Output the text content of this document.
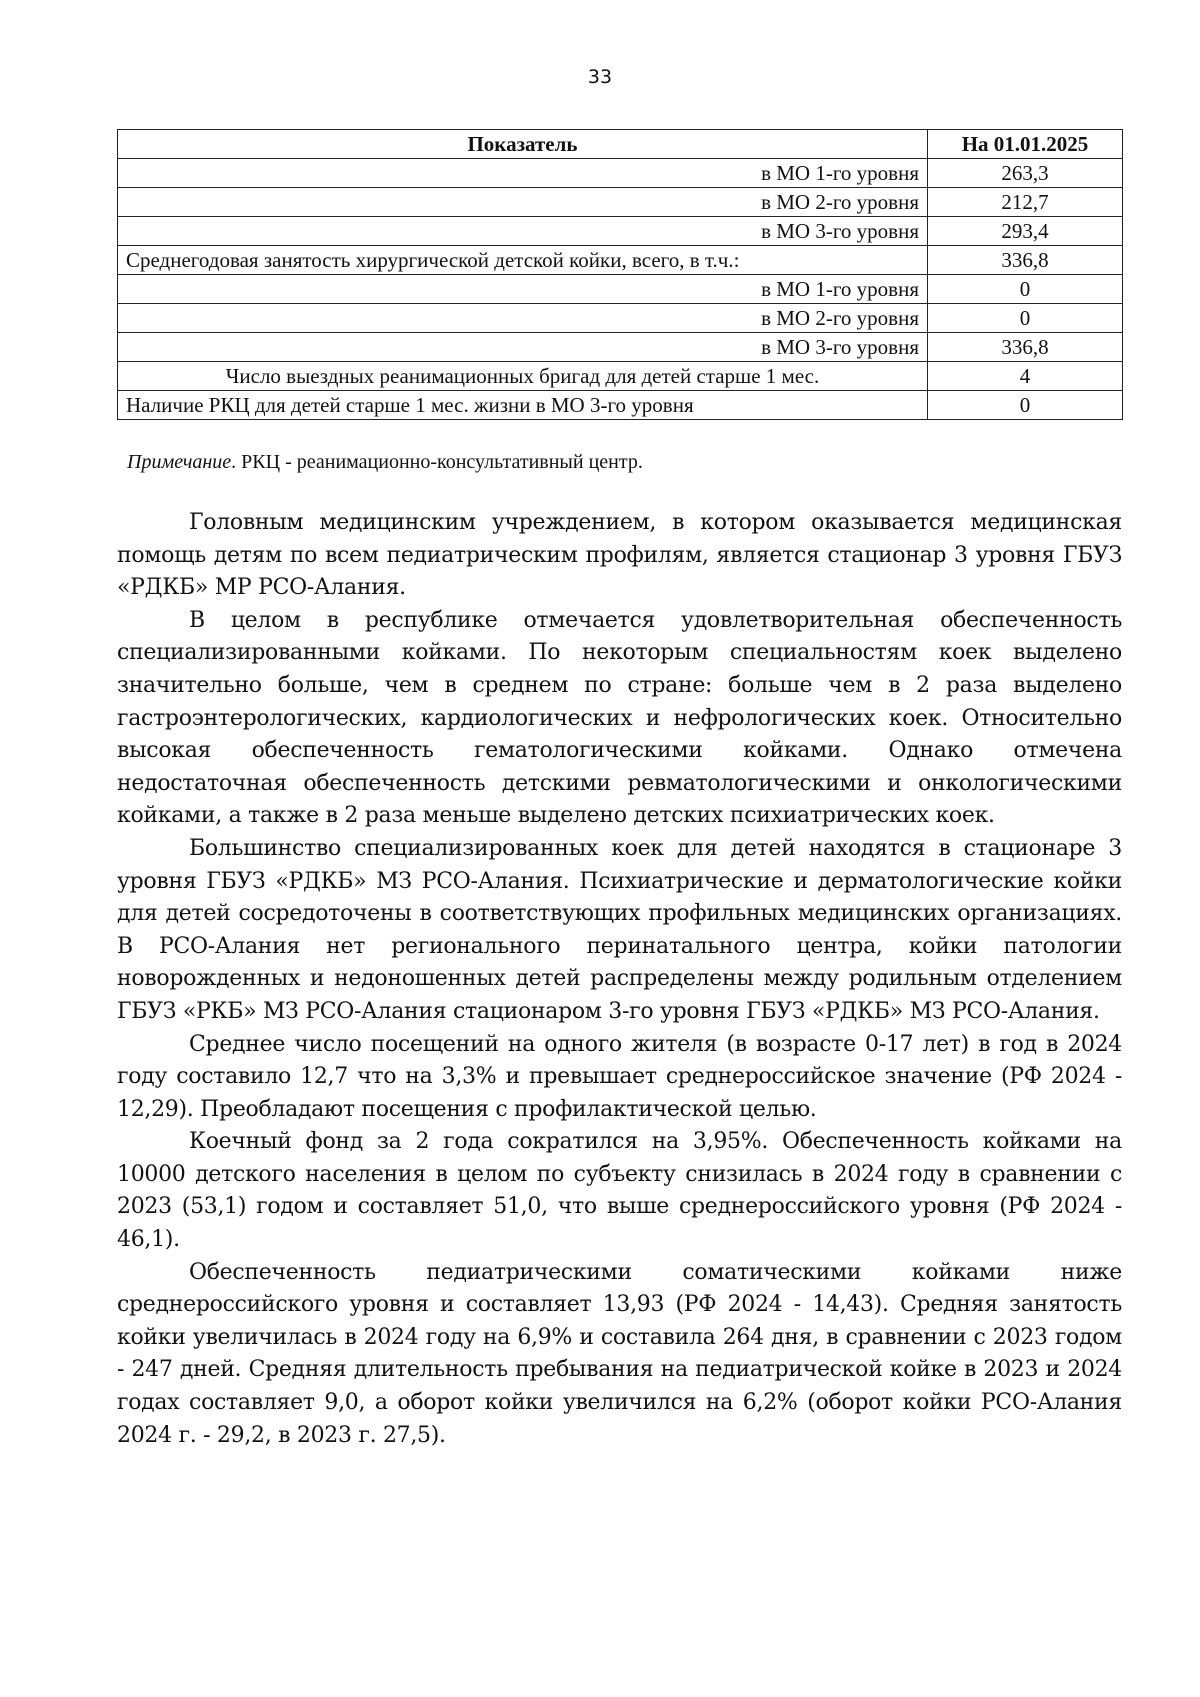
33
Показатель	На 01.01.2025
в МО 1-го уровня	263,3
в МО 2-го уровня	212,7
в МО 3-го уровня	293,4
Среднегодовая занятость хирургической детской койки, всего, в т.ч.:	336,8
в МО 1-го уровня	0
в МО 2-го уровня	0
в МО 3-го уровня	336,8
Число выездных реанимационных бригад для детей старше 1 мес.	4
Наличие РКЦ для детей старше 1 мес. жизни в МО 3-го уровня	0
Примечание. РКЦ - реанимационно-консультативный центр.

Головным медицинским учреждением, в котором оказывается медицинская помощь детям по всем педиатрическим профилям, является стационар 3 уровня ГБУЗ «РДКБ» МР РСО-Алания.

В целом в республике отмечается удовлетворительная обеспеченность специализированными койками. По некоторым специальностям коек выделено значительно больше, чем в среднем по стране: больше чем в 2 раза выделено гастроэнтерологических, кардиологических и нефрологических коек. Относительно высокая обеспеченность гематологическими койками. Однако отмечена недостаточная обеспеченность детскими ревматологическими и онкологическими койками, а также в 2 раза меньше выделено детских психиатрических коек.

Большинство специализированных коек для детей находятся в стационаре 3 уровня ГБУЗ «РДКБ» МЗ РСО-Алания. Психиатрические и дерматологические койки для детей сосредоточены в соответствующих профильных медицинских организациях. В РСО-Алания нет регионального перинатального центра, койки патологии новорожденных и недоношенных детей распределены между родильным отделением ГБУЗ «РКБ» МЗ РСО-Алания стационаром 3-го уровня ГБУЗ «РДКБ» МЗ РСО-Алания.

Среднее число посещений на одного жителя (в возрасте 0-17 лет) в год в 2024 году составило 12,7 что на 3,3% и превышает среднероссийское значение (РФ 2024 - 12,29). Преобладают посещения с профилактической целью.

Коечный фонд за 2 года сократился на 3,95%. Обеспеченность койками на 10000 детского населения в целом по субъекту снизилась в 2024 году в сравнении с 2023 (53,1) годом и составляет 51,0, что выше среднероссийского уровня (РФ 2024 - 46,1).

Обеспеченность педиатрическими соматическими койками ниже среднероссийского уровня и составляет 13,93 (РФ 2024 - 14,43). Средняя занятость койки увеличилась в 2024 году на 6,9% и составила 264 дня, в сравнении с 2023 годом - 247 дней. Средняя длительность пребывания на педиатрической койке в 2023 и 2024 годах составляет 9,0, а оборот койки увеличился на 6,2% (оборот койки РСО-Алания 2024 г. - 29,2, в 2023 г. 27,5).
